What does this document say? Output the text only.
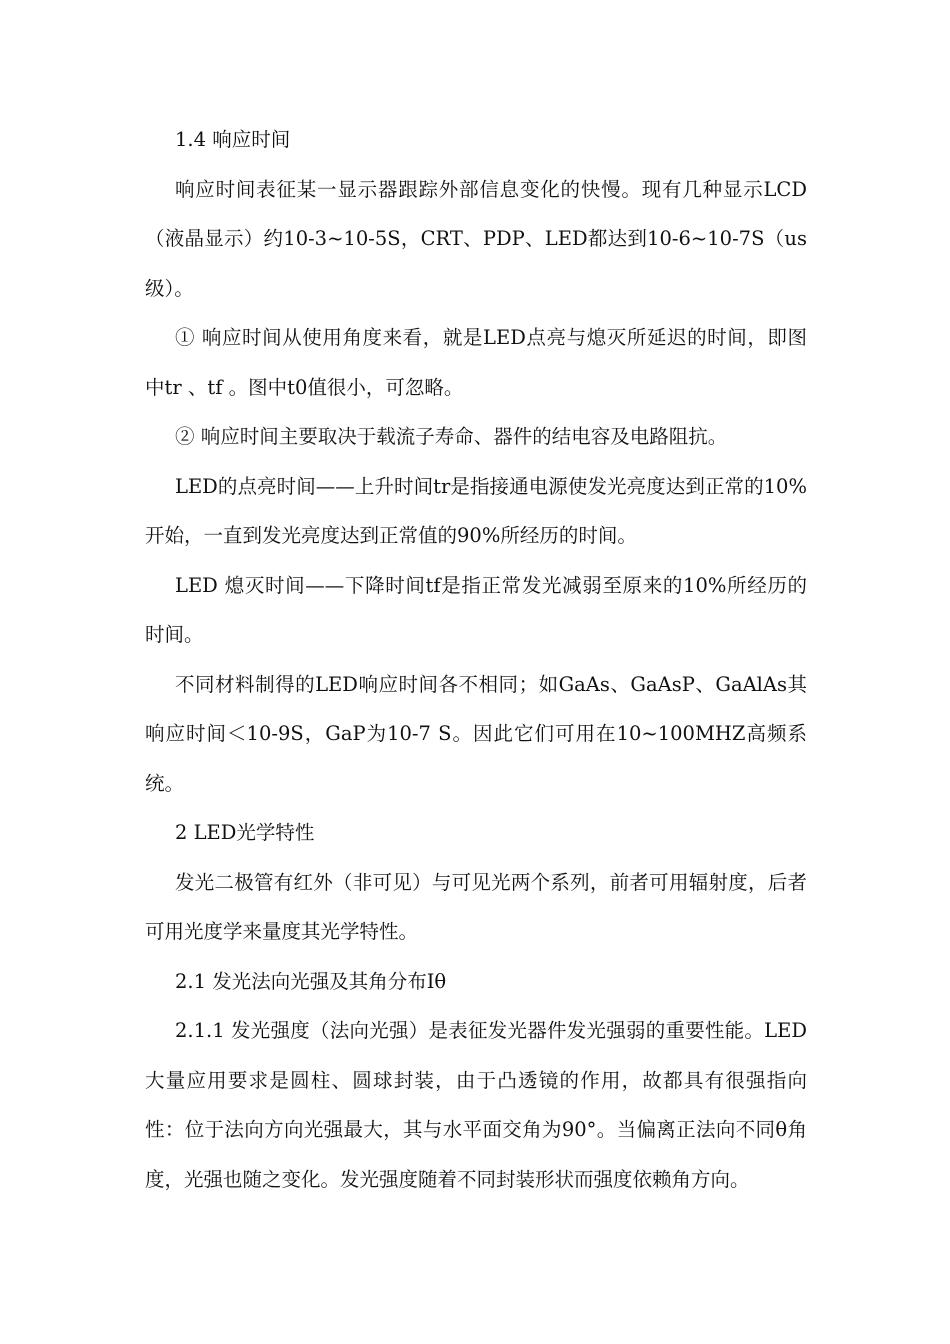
1.4 响应时间

响应时间表征某一显示器跟踪外部信息变化的快慢。现有几种显示LCD（液晶显示）约10-3~10-5S，CRT、PDP、LED都达到10-6~10-7S（us级）。

① 响应时间从使用角度来看，就是LED点亮与熄灭所延迟的时间，即图中tr 、tf 。图中t0值很小，可忽略。

② 响应时间主要取决于载流子寿命、器件的结电容及电路阻抗。

LED的点亮时间——上升时间tr是指接通电源使发光亮度达到正常的10%开始，一直到发光亮度达到正常值的90%所经历的时间。

LED 熄灭时间——下降时间tf是指正常发光减弱至原来的10%所经历的时间。

不同材料制得的LED响应时间各不相同；如GaAs、GaAsP、GaAlAs其响应时间＜10-9S，GaP为10-7 S。因此它们可用在10~100MHZ高频系统。

2 LED光学特性

发光二极管有红外（非可见）与可见光两个系列，前者可用辐射度，后者可用光度学来量度其光学特性。

2.1 发光法向光强及其角分布Iθ

2.1.1 发光强度（法向光强）是表征发光器件发光强弱的重要性能。LED大量应用要求是圆柱、圆球封装，由于凸透镜的作用，故都具有很强指向性：位于法向方向光强最大，其与水平面交角为90°。当偏离正法向不同θ角度，光强也随之变化。发光强度随着不同封装形状而强度依赖角方向。
